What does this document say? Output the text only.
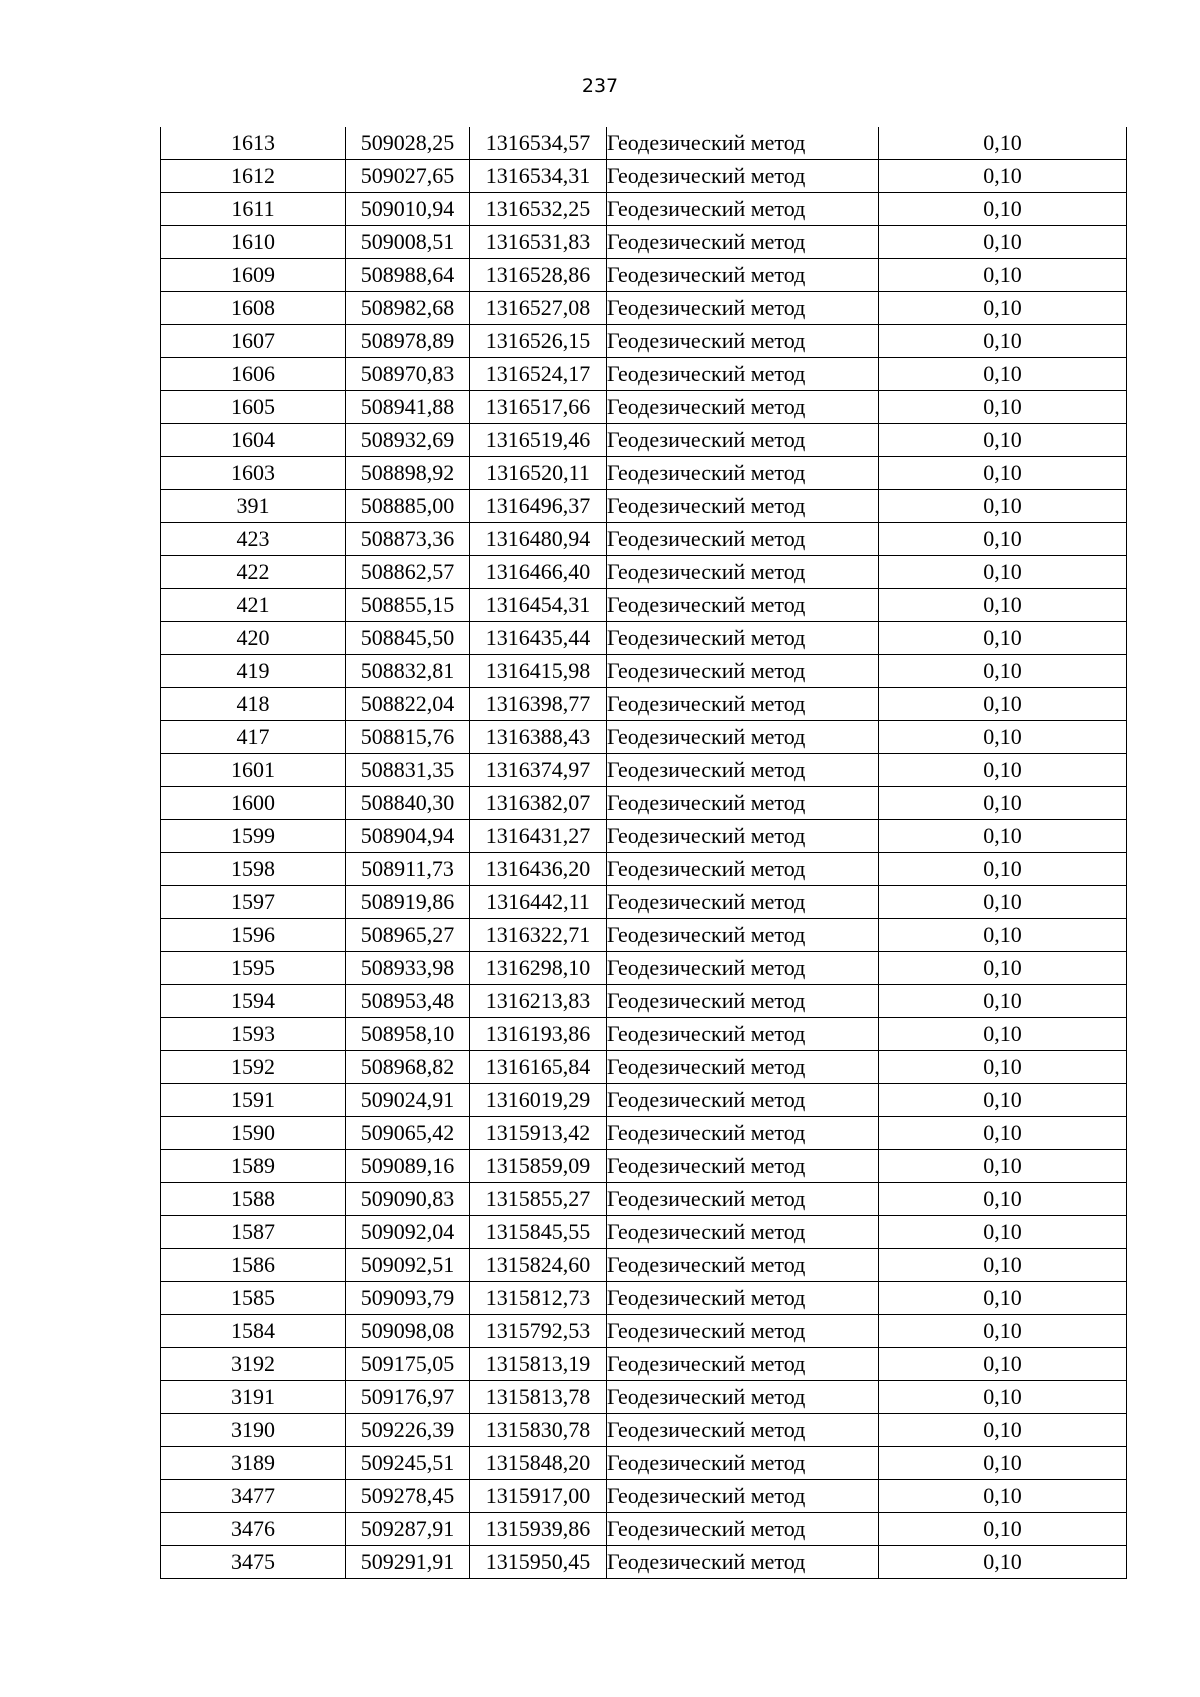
237
1613	509028,25	1316534,57	Геодезический метод	0,10
1612	509027,65	1316534,31	Геодезический метод	0,10
1611	509010,94	1316532,25	Геодезический метод	0,10
1610	509008,51	1316531,83	Геодезический метод	0,10
1609	508988,64	1316528,86	Геодезический метод	0,10
1608	508982,68	1316527,08	Геодезический метод	0,10
1607	508978,89	1316526,15	Геодезический метод	0,10
1606	508970,83	1316524,17	Геодезический метод	0,10
1605	508941,88	1316517,66	Геодезический метод	0,10
1604	508932,69	1316519,46	Геодезический метод	0,10
1603	508898,92	1316520,11	Геодезический метод	0,10
391	508885,00	1316496,37	Геодезический метод	0,10
423	508873,36	1316480,94	Геодезический метод	0,10
422	508862,57	1316466,40	Геодезический метод	0,10
421	508855,15	1316454,31	Геодезический метод	0,10
420	508845,50	1316435,44	Геодезический метод	0,10
419	508832,81	1316415,98	Геодезический метод	0,10
418	508822,04	1316398,77	Геодезический метод	0,10
417	508815,76	1316388,43	Геодезический метод	0,10
1601	508831,35	1316374,97	Геодезический метод	0,10
1600	508840,30	1316382,07	Геодезический метод	0,10
1599	508904,94	1316431,27	Геодезический метод	0,10
1598	508911,73	1316436,20	Геодезический метод	0,10
1597	508919,86	1316442,11	Геодезический метод	0,10
1596	508965,27	1316322,71	Геодезический метод	0,10
1595	508933,98	1316298,10	Геодезический метод	0,10
1594	508953,48	1316213,83	Геодезический метод	0,10
1593	508958,10	1316193,86	Геодезический метод	0,10
1592	508968,82	1316165,84	Геодезический метод	0,10
1591	509024,91	1316019,29	Геодезический метод	0,10
1590	509065,42	1315913,42	Геодезический метод	0,10
1589	509089,16	1315859,09	Геодезический метод	0,10
1588	509090,83	1315855,27	Геодезический метод	0,10
1587	509092,04	1315845,55	Геодезический метод	0,10
1586	509092,51	1315824,60	Геодезический метод	0,10
1585	509093,79	1315812,73	Геодезический метод	0,10
1584	509098,08	1315792,53	Геодезический метод	0,10
3192	509175,05	1315813,19	Геодезический метод	0,10
3191	509176,97	1315813,78	Геодезический метод	0,10
3190	509226,39	1315830,78	Геодезический метод	0,10
3189	509245,51	1315848,20	Геодезический метод	0,10
3477	509278,45	1315917,00	Геодезический метод	0,10
3476	509287,91	1315939,86	Геодезический метод	0,10
3475	509291,91	1315950,45	Геодезический метод	0,10
